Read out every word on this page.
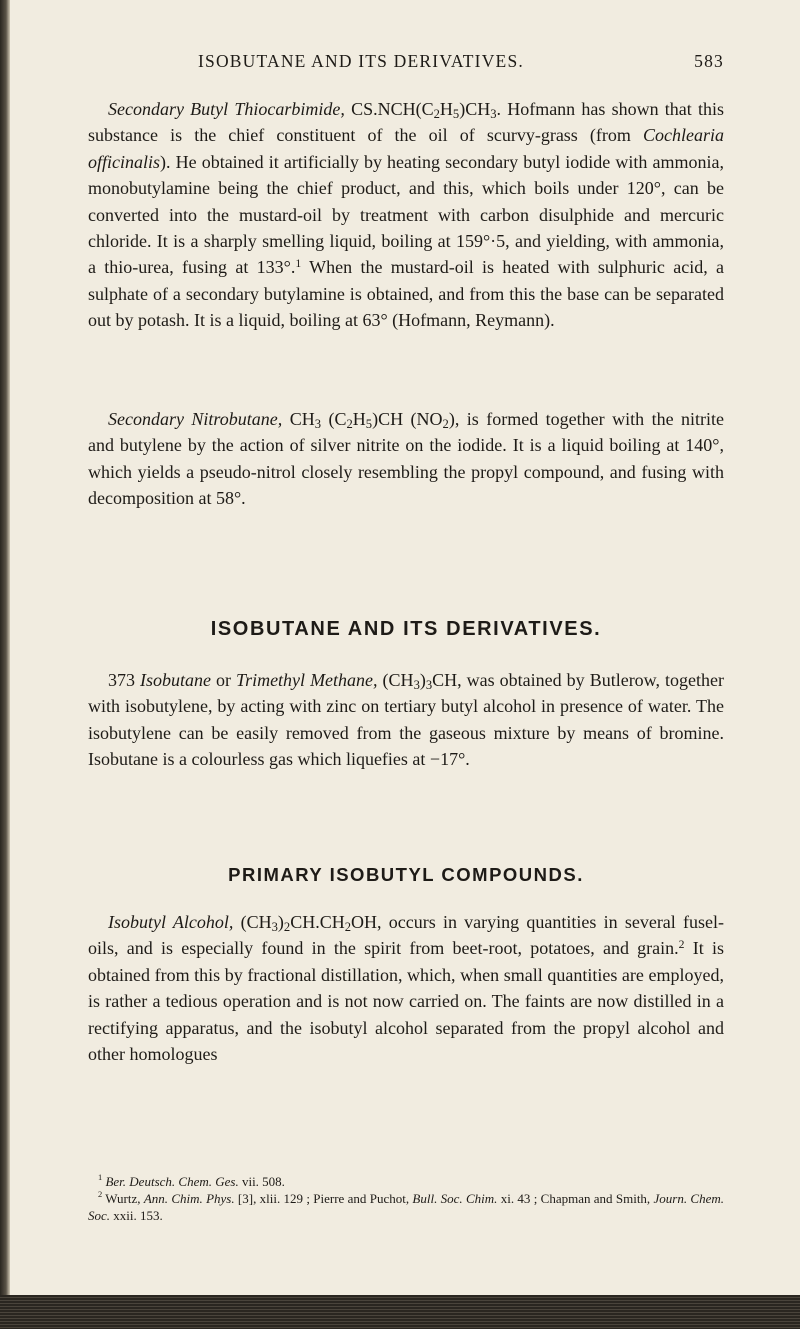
ISOBUTANE AND ITS DERIVATIVES.	583

Secondary Butyl Thiocarbimide, $CS.NCH(C_2H_5)CH_3$. Hofmann has shown that this substance is the chief constituent of the oil of scurvy-grass (from Cochlearia officinalis). He obtained it artificially by heating secondary butyl iodide with ammonia, monobutylamine being the chief product, and this, which boils under 120°, can be converted into the mustard-oil by treatment with carbon disulphide and mercuric chloride. It is a sharply smelling liquid, boiling at 159°·5, and yielding, with ammonia, a thio-urea, fusing at 133°.$^1$ When the mustard-oil is heated with sulphuric acid, a sulphate of a secondary butylamine is obtained, and from this the base can be separated out by potash. It is a liquid, boiling at 63° (Hofmann, Reymann).

Secondary Nitrobutane, $CH_3$ $(C_2H_5)CH$ $(NO_2)$, is formed together with the nitrite and butylene by the action of silver nitrite on the iodide. It is a liquid boiling at 140°, which yields a pseudo-nitrol closely resembling the propyl compound, and fusing with decomposition at 58°.

ISOBUTANE AND ITS DERIVATIVES.

373 Isobutane or Trimethyl Methane, $(CH_3)_3CH$, was obtained by Butlerow, together with isobutylene, by acting with zinc on tertiary butyl alcohol in presence of water. The isobutylene can be easily removed from the gaseous mixture by means of bromine. Isobutane is a colourless gas which liquefies at −17°.

PRIMARY ISOBUTYL COMPOUNDS.

Isobutyl Alcohol, $(CH_3)_2CH.CH_2OH$, occurs in varying quantities in several fusel-oils, and is especially found in the spirit from beet-root, potatoes, and grain.$^2$ It is obtained from this by fractional distillation, which, when small quantities are employed, is rather a tedious operation and is not now carried on. The faints are now distilled in a rectifying apparatus, and the isobutyl alcohol separated from the propyl alcohol and other homologues

$^1$ Ber. Deutsch. Chem. Ges. vii. 508.
$^2$ Wurtz, Ann. Chim. Phys. [3], xlii. 129 ; Pierre and Puchot, Bull. Soc. Chim. xi. 43 ; Chapman and Smith, Journ. Chem. Soc. xxii. 153.
